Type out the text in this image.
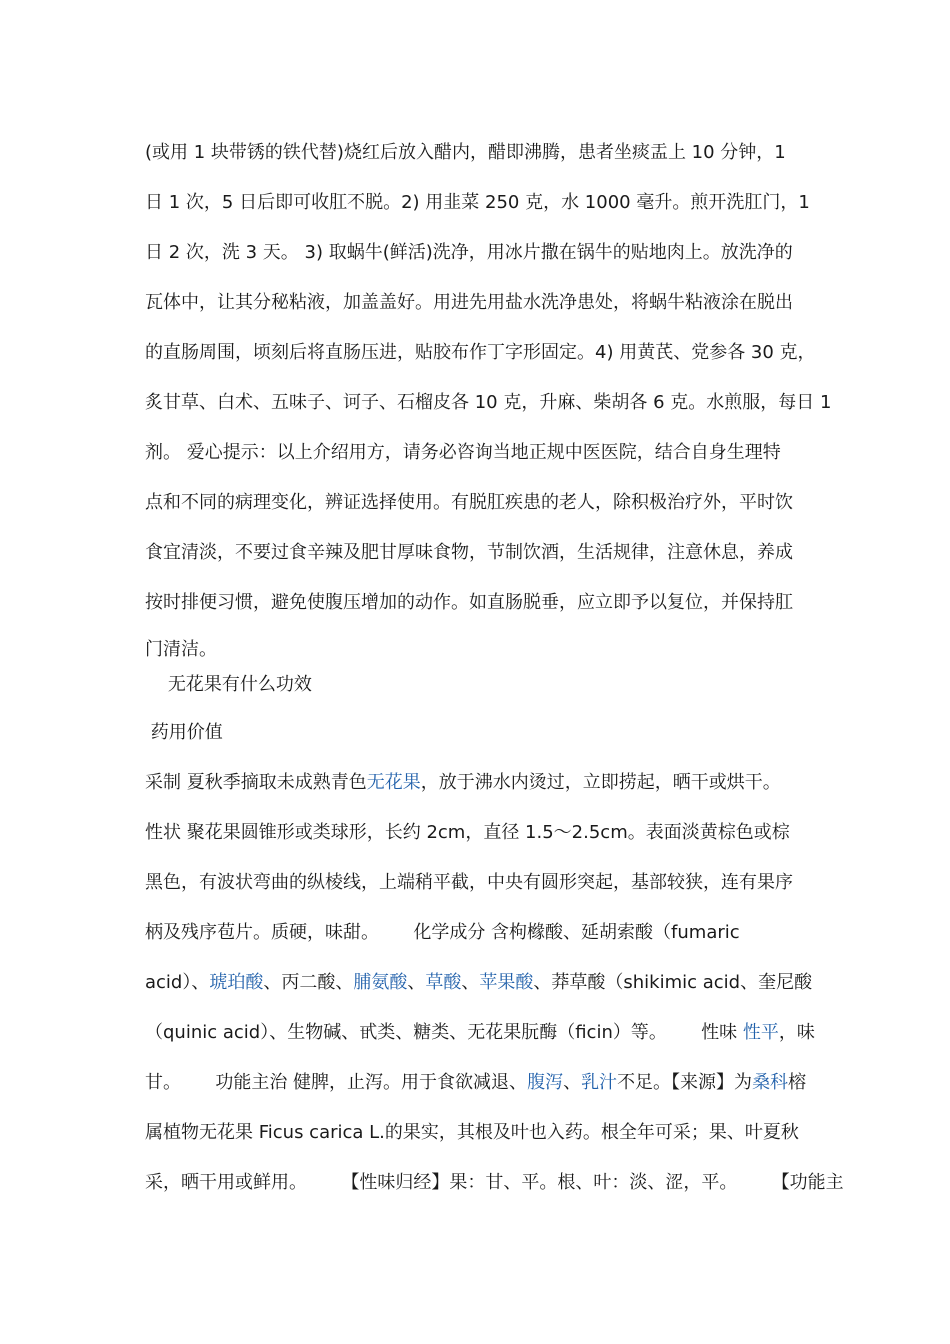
(或用 1 块带锈的铁代替)烧红后放入醋内，醋即沸腾，患者坐痰盂上 10 分钟，1
日 1 次，5 日后即可收肛不脱。2) 用韭菜 250 克，水 1000 毫升。煎开洗肛门，1
日 2 次，洗 3 天。 3) 取蜗牛(鲜活)洗净，用冰片撒在锅牛的贴地肉上。放洗净的
瓦体中，让其分秘粘液，加盖盖好。用进先用盐水洗净患处，将蜗牛粘液涂在脱出
的直肠周围，顷刻后将直肠压进，贴胶布作丁字形固定。4) 用黄芪、党参各 30 克，
炙甘草、白术、五味子、诃子、石榴皮各 10 克，升麻、柴胡各 6 克。水煎服，每日 1
剂。 爱心提示：以上介绍用方，请务必咨询当地正规中医医院，结合自身生理特
点和不同的病理变化，辨证选择使用。有脱肛疾患的老人，除积极治疗外，平时饮
食宜清淡，不要过食辛辣及肥甘厚味食物，节制饮酒，生活规律，注意休息，养成
按时排便习惯，避免使腹压增加的动作。如直肠脱垂，应立即予以复位，并保持肛
门清洁。
无花果有什么功效
药用价值
采制 夏秋季摘取未成熟青色无花果，放于沸水内烫过，立即捞起，晒干或烘干。
性状 聚花果圆锥形或类球形，长约 2cm，直径 1.5～2.5cm。表面淡黄棕色或棕
黑色，有波状弯曲的纵棱线，上端稍平截，中央有圆形突起，基部较狭，连有果序
柄及残序苞片。质硬，味甜。      化学成分 含枸橼酸、延胡索酸（fumaric
acid）、琥珀酸、丙二酸、脯氨酸、草酸、苹果酸、莽草酸（shikimic acid、奎尼酸
（quinic acid）、生物碱、甙类、糖类、无花果朊酶（ficin）等。      性味 性平，味
甘。      功能主治 健脾，止泻。用于食欲减退、腹泻、乳汁不足。【来源】为桑科榕
属植物无花果 Ficus carica L.的果实，其根及叶也入药。根全年可采；果、叶夏秋
采，晒干用或鲜用。      【性味归经】果：甘、平。根、叶：淡、涩，平。      【功能主
